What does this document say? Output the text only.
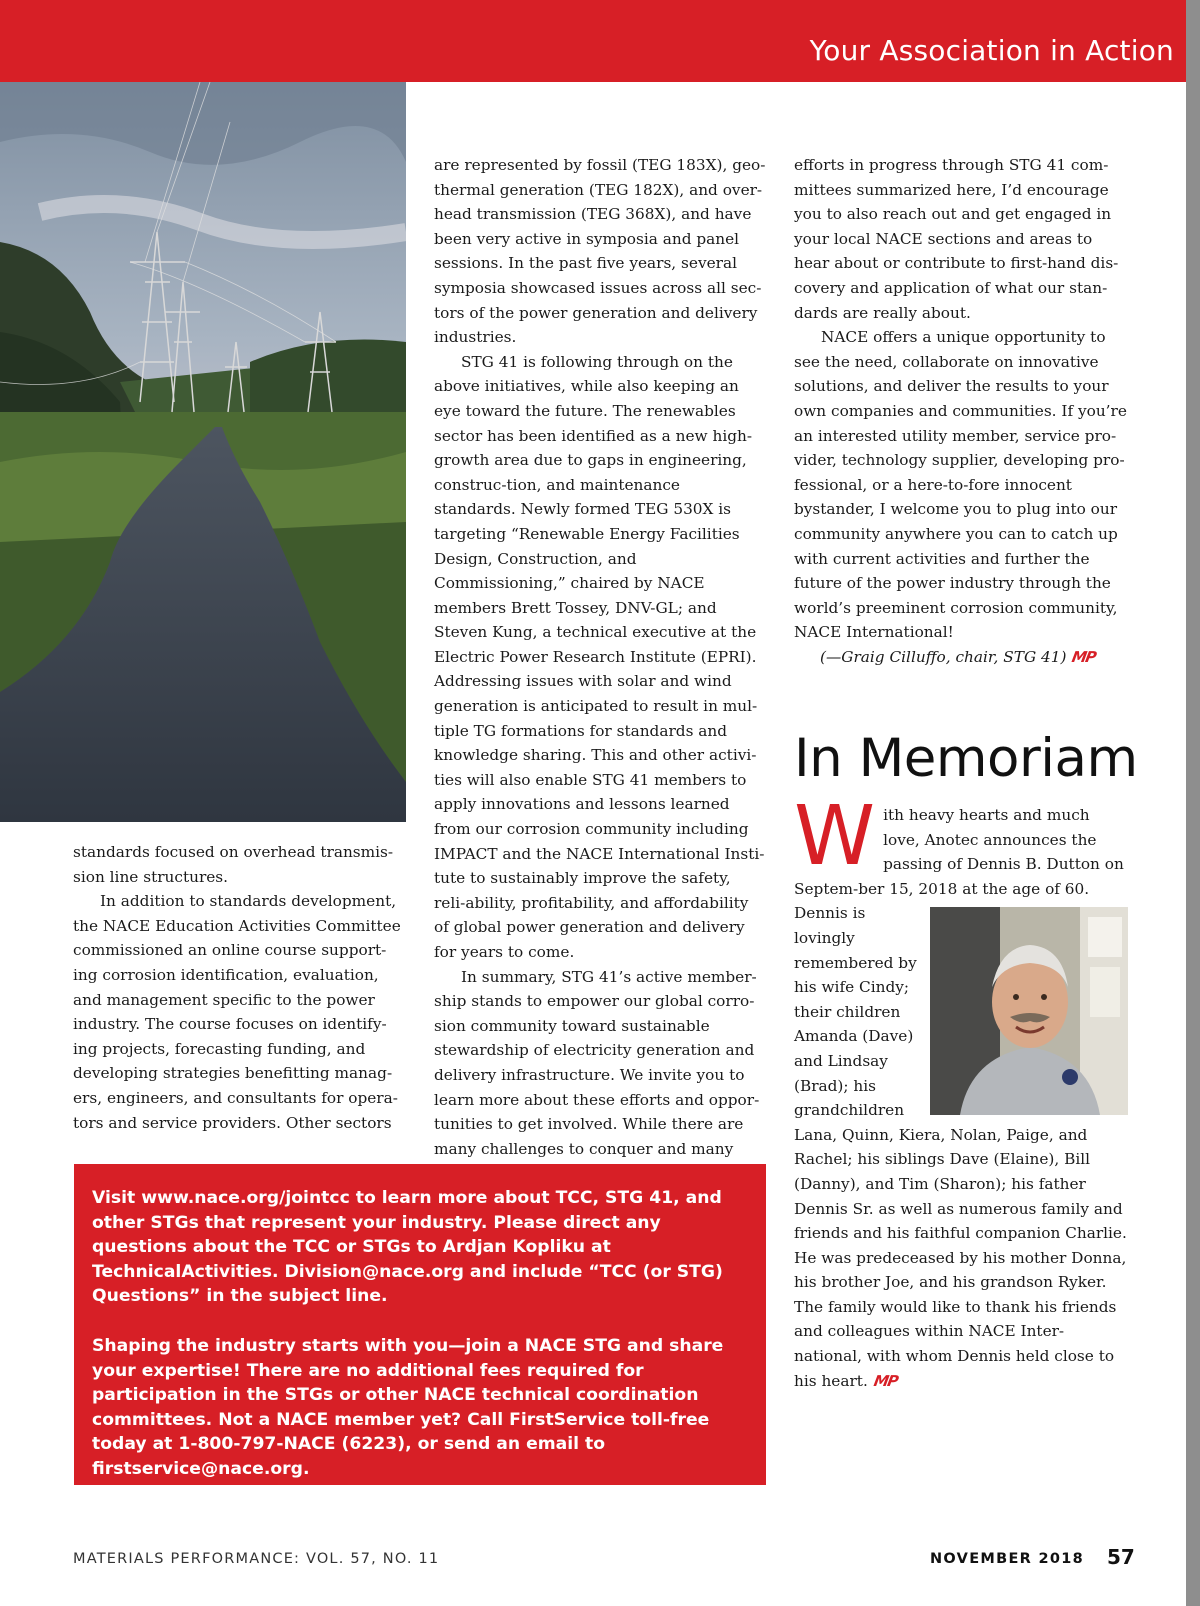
Your Association in Action

standards focused on overhead transmis-sion line structures.

In addition to standards development, the NACE Education Activities Committee commissioned an online course support-ing corrosion identification, evaluation, and management specific to the power industry. The course focuses on identify-ing projects, forecasting funding, and developing strategies benefitting manag-ers, engineers, and consultants for opera-tors and service providers. Other sectors

are represented by fossil (TEG 183X), geo-thermal generation (TEG 182X), and over-head transmission (TEG 368X), and have been very active in symposia and panel sessions. In the past five years, several symposia showcased issues across all sec-tors of the power generation and delivery industries.

STG 41 is following through on the above initiatives, while also keeping an eye toward the future. The renewables sector has been identified as a new high-growth area due to gaps in engineering, construc-tion, and maintenance standards. Newly formed TEG 530X is targeting “Renewable Energy Facilities Design, Construction, and Commissioning,” chaired by NACE members Brett Tossey, DNV-GL; and Steven Kung, a technical executive at the Electric Power Research Institute (EPRI). Addressing issues with solar and wind generation is anticipated to result in mul-tiple TG formations for standards and knowledge sharing. This and other activi-ties will also enable STG 41 members to apply innovations and lessons learned from our corrosion community including IMPACT and the NACE International Insti-tute to sustainably improve the safety, reli-ability, profitability, and affordability of global power generation and delivery for years to come.

In summary, STG 41’s active member-ship stands to empower our global corro-sion community toward sustainable stewardship of electricity generation and delivery infrastructure. We invite you to learn more about these efforts and oppor-tunities to get involved. While there are many challenges to conquer and many

efforts in progress through STG 41 com-mittees summarized here, I’d encourage you to also reach out and get engaged in your local NACE sections and areas to hear about or contribute to first-hand dis-covery and application of what our stan-dards are really about.

NACE offers a unique opportunity to see the need, collaborate on innovative solutions, and deliver the results to your own companies and communities. If you’re an interested utility member, service pro-vider, technology supplier, developing pro-fessional, or a here-to-fore innocent bystander, I welcome you to plug into our community anywhere you can to catch up with current activities and further the future of the power industry through the world’s preeminent corrosion community, NACE International!

(—Graig Cilluffo, chair, STG 41) MP

In Memoriam

With heavy hearts and much love, Anotec announces the passing of Dennis B. Dutton on Septem-ber 15, 2018 at the age of 60.

Dennis is lovingly remembered by his wife Cindy; their children Amanda (Dave) and Lindsay (Brad); his grandchildren Lana, Quinn, Kiera, Nolan, Paige, and Rachel; his siblings Dave (Elaine), Bill (Danny), and Tim (Sharon); his father Dennis Sr. as well as numerous family and friends and his faithful companion Charlie. He was predeceased by his mother Donna, his brother Joe, and his grandson Ryker.

The family would like to thank his friends and colleagues within NACE Inter-national, with whom Dennis held close to his heart. MP

Visit www.nace.org/jointcc to learn more about TCC, STG 41, and other STGs that represent your industry. Please direct any questions about the TCC or STGs to Ardjan Kopliku at TechnicalActivities. Division@nace.org and include “TCC (or STG) Questions” in the subject line.

Shaping the industry starts with you—join a NACE STG and share your expertise! There are no additional fees required for participation in the STGs or other NACE technical coordination committees. Not a NACE member yet? Call FirstService toll-free today at 1-800-797-NACE (6223), or send an email to firstservice@nace.org.

MATERIALS PERFORMANCE: VOL. 57, NO. 11	NOVEMBER 2018 57
